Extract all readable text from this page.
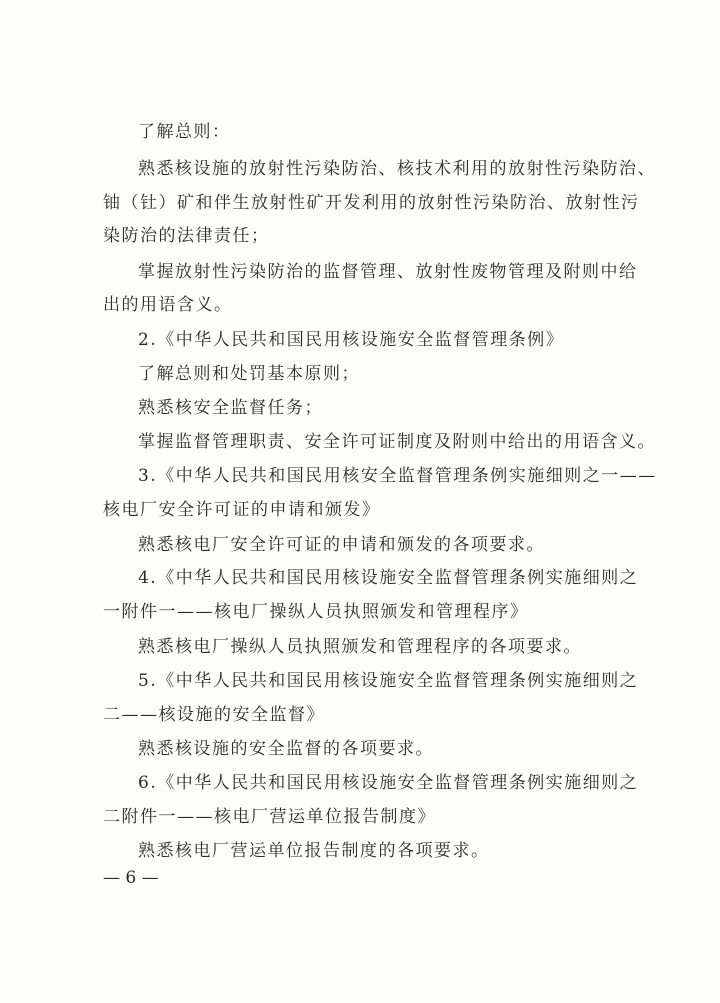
了解总则：
熟悉核设施的放射性污染防治、核技术利用的放射性污染防治、
铀（钍）矿和伴生放射性矿开发利用的放射性污染防治、放射性污
染防治的法律责任；
掌握放射性污染防治的监督管理、放射性废物管理及附则中给
出的用语含义。
2.《中华人民共和国民用核设施安全监督管理条例》
了解总则和处罚基本原则；
熟悉核安全监督任务；
掌握监督管理职责、安全许可证制度及附则中给出的用语含义。
3.《中华人民共和国民用核安全监督管理条例实施细则之一——
核电厂安全许可证的申请和颁发》
熟悉核电厂安全许可证的申请和颁发的各项要求。
4.《中华人民共和国民用核设施安全监督管理条例实施细则之
一附件一——核电厂操纵人员执照颁发和管理程序》
熟悉核电厂操纵人员执照颁发和管理程序的各项要求。
5.《中华人民共和国民用核设施安全监督管理条例实施细则之
二——核设施的安全监督》
熟悉核设施的安全监督的各项要求。
6.《中华人民共和国民用核设施安全监督管理条例实施细则之
二附件一——核电厂营运单位报告制度》
熟悉核电厂营运单位报告制度的各项要求。
— 6 —
